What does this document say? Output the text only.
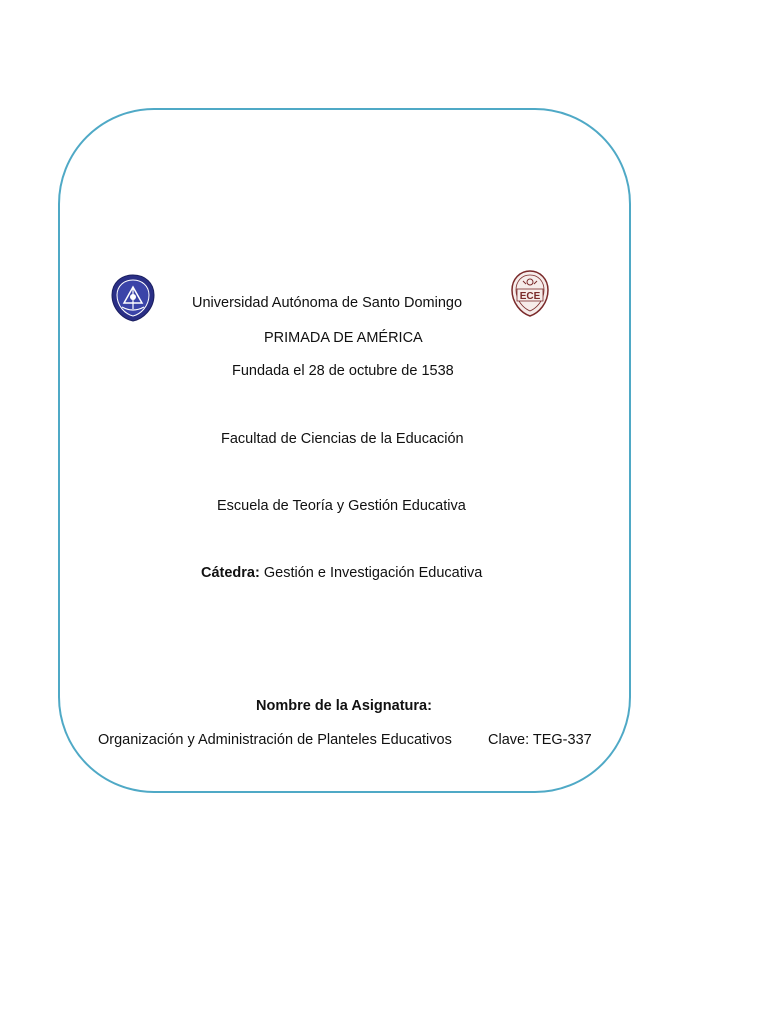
ECE
Universidad Autónoma de Santo Domingo
PRIMADA DE AMÉRICA
Fundada el 28 de octubre de 1538
Facultad de Ciencias de la Educación
Escuela de Teoría y Gestión Educativa
Cátedra: Gestión e Investigación Educativa
Nombre de la Asignatura:
Organización y Administración de Planteles Educativos Clave: TEG-337
